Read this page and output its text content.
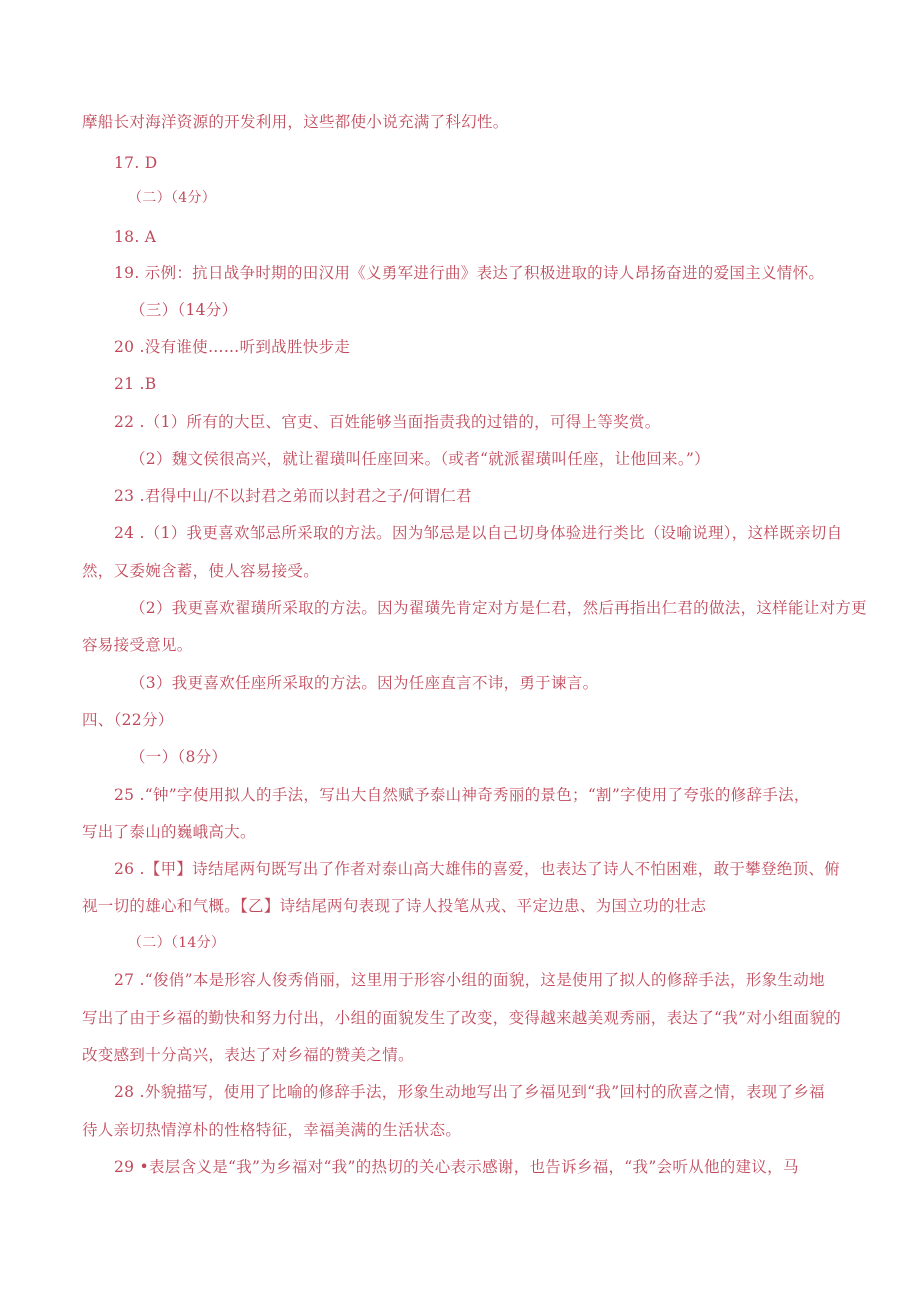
摩船长对海洋资源的开发利用，这些都使小说充满了科幻性。
17. D
（二）（4分）
18. A
19. 示例：抗日战争时期的田汉用《义勇军进行曲》表达了积极进取的诗人昂扬奋进的爱国主义情怀。
（三）（14分）
20 .没有谁使……听到战胜快步走
21 .B
22 .（1）所有的大臣、官吏、百姓能够当面指责我的过错的，可得上等奖赏。
（2）魏文侯很高兴，就让翟璜叫任座回来。（或者“就派翟璜叫任座，让他回来。”）
23 .君得中山/不以封君之弟而以封君之子/何谓仁君
24 .（1）我更喜欢邹忌所采取的方法。因为邹忌是以自己切身体验进行类比（设喻说理），这样既亲切自
然，又委婉含蓄，使人容易接受。
（2）我更喜欢翟璜所采取的方法。因为翟璜先肯定对方是仁君，然后再指出仁君的做法，这样能让对方更
容易接受意见。
（3）我更喜欢任座所采取的方法。因为任座直言不讳，勇于谏言。
四、（22分）
（一）（8分）
25 .“钟”字使用拟人的手法，写出大自然赋予泰山神奇秀丽的景色；“割”字使用了夸张的修辞手法，
写出了泰山的巍峨高大。
26 .【甲】诗结尾两句既写出了作者对泰山高大雄伟的喜爱，也表达了诗人不怕困难，敢于攀登绝顶、俯
视一切的雄心和气概。【乙】诗结尾两句表现了诗人投笔从戎、平定边患、为国立功的壮志
（二）（14分）
27 .“俊俏”本是形容人俊秀俏丽，这里用于形容小组的面貌，这是使用了拟人的修辞手法，形象生动地
写出了由于乡福的勤快和努力付出，小组的面貌发生了改变，变得越来越美观秀丽，表达了“我”对小组面貌的
改变感到十分高兴，表达了对乡福的赞美之情。
28 .外貌描写，使用了比喻的修辞手法，形象生动地写出了乡福见到“我”回村的欣喜之情，表现了乡福
待人亲切热情淳朴的性格特征，幸福美满的生活状态。
29 •表层含义是“我”为乡福对“我”的热切的关心表示感谢，也告诉乡福，“我”会听从他的建议，马
